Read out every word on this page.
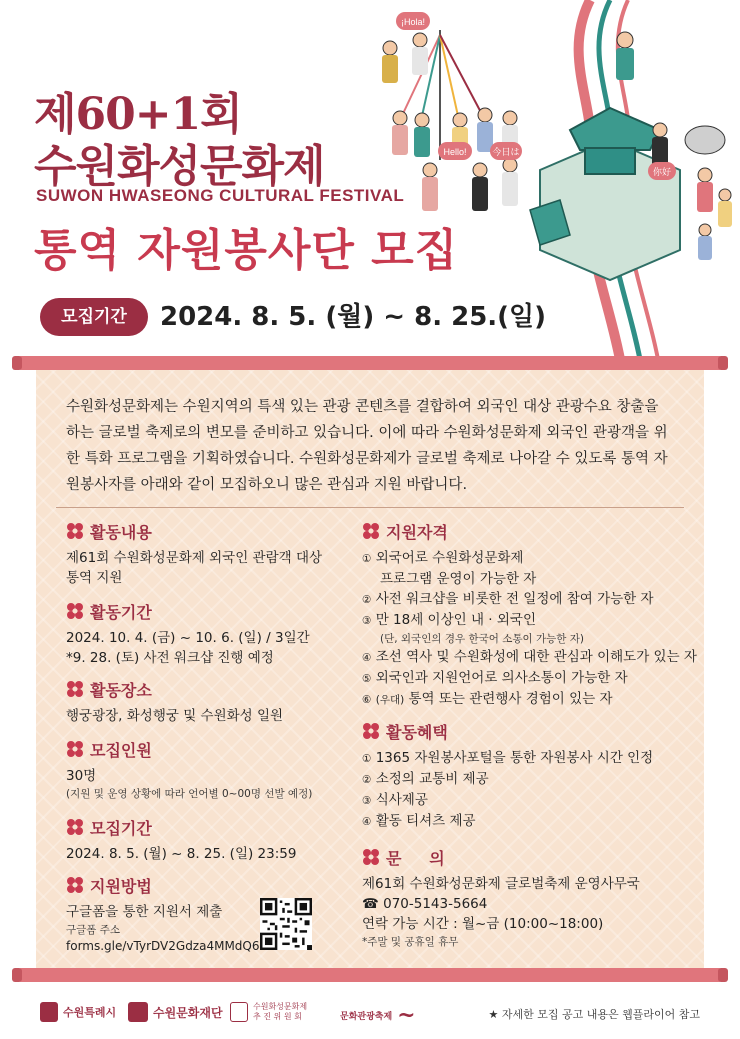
제60+1회
수원화성문화제
SUWON HWASEONG CULTURAL FESTIVAL
통역 자원봉사단 모집
모집기간	2024. 8. 5. (월) ~ 8. 25.(일)
¡Hola!
Hello!	今日は
你好
수원화성문화제는 수원지역의 특색 있는 관광 콘텐츠를 결합하여 외국인 대상 관광수요 창출을 하는 글로벌 축제로의 변모를 준비하고 있습니다. 이에 따라 수원화성문화제 외국인 관광객을 위한 특화 프로그램을 기획하였습니다. 수원화성문화제가 글로벌 축제로 나아갈 수 있도록 통역 자원봉사자를 아래와 같이 모집하오니 많은 관심과 지원 바랍니다.
활동내용
제61회 수원화성문화제 외국인 관람객 대상
통역 지원
활동기간
2024. 10. 4. (금) ~ 10. 6. (일) / 3일간
*9. 28. (토) 사전 워크샵 진행 예정
활동장소
행궁광장, 화성행궁 및 수원화성 일원
모집인원
30명
(지원 및 운영 상황에 따라 언어별 0~00명 선발 예정)
모집기간
2024. 8. 5. (월) ~ 8. 25. (일) 23:59
지원방법
구글폼을 통한 지원서 제출
구글폼 주소
forms.gle/vTyrDV2Gdza4MMdQ6
지원자격
① 외국어로 수원화성문화제
프로그램 운영이 가능한 자
② 사전 워크샵을 비롯한 전 일정에 참여 가능한 자
③ 만 18세 이상인 내 · 외국인
(단, 외국인의 경우 한국어 소통이 가능한 자)
④ 조선 역사 및 수원화성에 대한 관심과 이해도가 있는 자
⑤ 외국인과 지원언어로 의사소통이 가능한 자
⑥ (우대) 통역 또는 관련행사 경험이 있는 자
활동혜택
① 1365 자원봉사포털을 통한 자원봉사 시간 인정
② 소정의 교통비 제공
③ 식사제공
④ 활동 티셔츠 제공
문     의
제61회 수원화성문화제 글로벌축제 운영사무국
☎ 070-5143-5664
연락 가능 시간 : 월~금 (10:00~18:00)
*주말 및 공휴일 휴무
수원특례시	수원문화재단	수원화성문화제
추 진 위 원 회	문화관광축제 ~	★ 자세한 모집 공고 내용은 웹플라이어 참고
